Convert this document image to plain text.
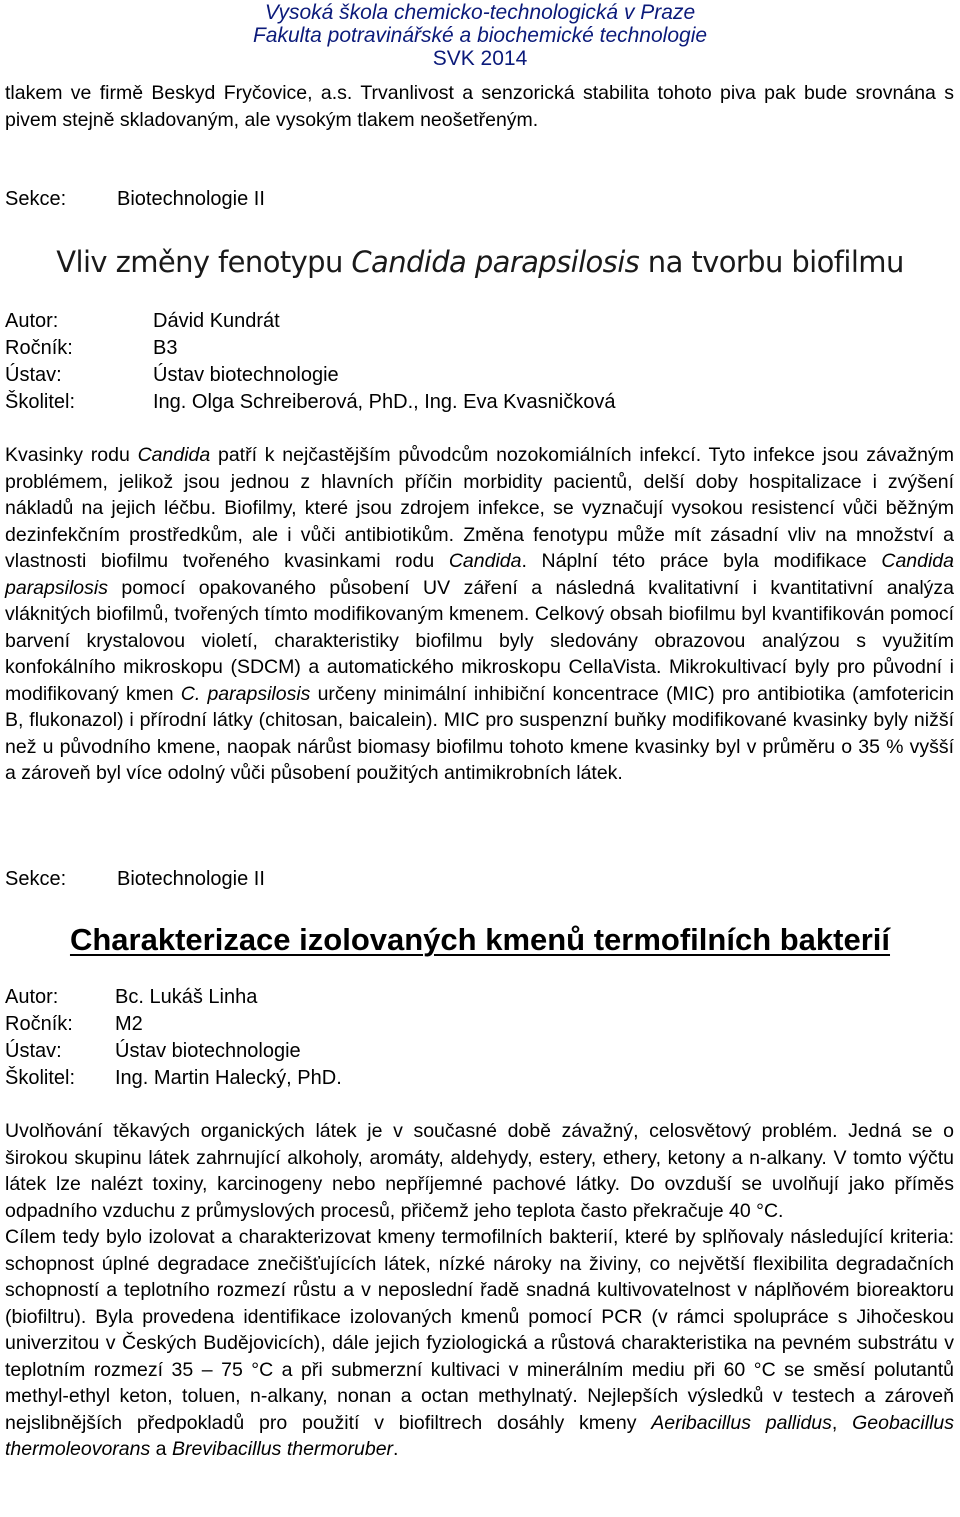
Vysoká škola chemicko-technologická v Praze
Fakulta potravinářské a biochemické technologie
SVK 2014
tlakem ve firmě Beskyd Fryčovice, a.s. Trvanlivost a senzorická stabilita tohoto piva pak bude srovnána s pivem stejně skladovaným, ale vysokým tlakem neošetřeným.
Sekce:	Biotechnologie II
Vliv změny fenotypu Candida parapsilosis na tvorbu biofilmu
Autor:	Dávid Kundrát
Ročník:	B3
Ústav:	Ústav biotechnologie
Školitel:	Ing. Olga Schreiberová, PhD., Ing. Eva Kvasničková
Kvasinky rodu Candida patří k nejčastějším původcům nozokomiálních infekcí. Tyto infekce jsou závažným problémem, jelikož jsou jednou z hlavních příčin morbidity pacientů, delší doby hospitalizace i zvýšení nákladů na jejich léčbu. Biofilmy, které jsou zdrojem infekce, se vyznačují vysokou resistencí vůči běžným dezinfekčním prostředkům, ale i vůči antibiotikům. Změna fenotypu může mít zásadní vliv na množství a vlastnosti biofilmu tvořeného kvasinkami rodu Candida. Náplní této práce byla modifikace Candida parapsilosis pomocí opakovaného působení UV záření a následná kvalitativní i kvantitativní analýza vláknitých biofilmů, tvořených tímto modifikovaným kmenem. Celkový obsah biofilmu byl kvantifikován pomocí barvení krystalovou violetí, charakteristiky biofilmu byly sledovány obrazovou analýzou s využitím konfokálního mikroskopu (SDCM) a automatického mikroskopu CellaVista. Mikrokultivací byly pro původní i modifikovaný kmen C. parapsilosis určeny minimální inhibiční koncentrace (MIC) pro antibiotika (amfotericin B, flukonazol) i přírodní látky (chitosan, baicalein). MIC pro suspenzní buňky modifikované kvasinky byly nižší než u původního kmene, naopak nárůst biomasy biofilmu tohoto kmene kvasinky byl v průměru o 35 % vyšší a zároveň byl více odolný vůči působení použitých antimikrobních látek.
Sekce:	Biotechnologie II
Charakterizace izolovaných kmenů termofilních bakterií
Autor:	Bc. Lukáš Linha
Ročník:	M2
Ústav:	Ústav biotechnologie
Školitel:	Ing. Martin Halecký, PhD.

Uvolňování těkavých organických látek je v současné době závažný, celosvětový problém. Jedná se o širokou skupinu látek zahrnující alkoholy, aromáty, aldehydy, estery, ethery, ketony a n-alkany. V tomto výčtu látek lze nalézt toxiny, karcinogeny nebo nepříjemné pachové látky. Do ovzduší se uvolňují jako příměs odpadního vzduchu z průmyslových procesů, přičemž jeho teplota často překračuje 40 °C.

Cílem tedy bylo izolovat a charakterizovat kmeny termofilních bakterií, které by splňovaly následující kriteria: schopnost úplné degradace znečišťujících látek, nízké nároky na živiny, co největší flexibilita degradačních schopností a teplotního rozmezí růstu a v neposlední řadě snadná kultivovatelnost v náplňovém bioreaktoru (biofiltru). Byla provedena identifikace izolovaných kmenů pomocí PCR (v rámci spolupráce s Jihočeskou univerzitou v Českých Budějovicích), dále jejich fyziologická a růstová charakteristika na pevném substrátu v teplotním rozmezí 35 – 75 °C a při submerzní kultivaci v minerálním mediu při 60 °C se směsí polutantů methyl-ethyl keton, toluen, n-alkany, nonan a octan methylnatý. Nejlepších výsledků v testech a zároveň nejslibnějších předpokladů pro použití v biofiltrech dosáhly kmeny Aeribacillus pallidus, Geobacillus thermoleovorans a Brevibacillus thermoruber.
